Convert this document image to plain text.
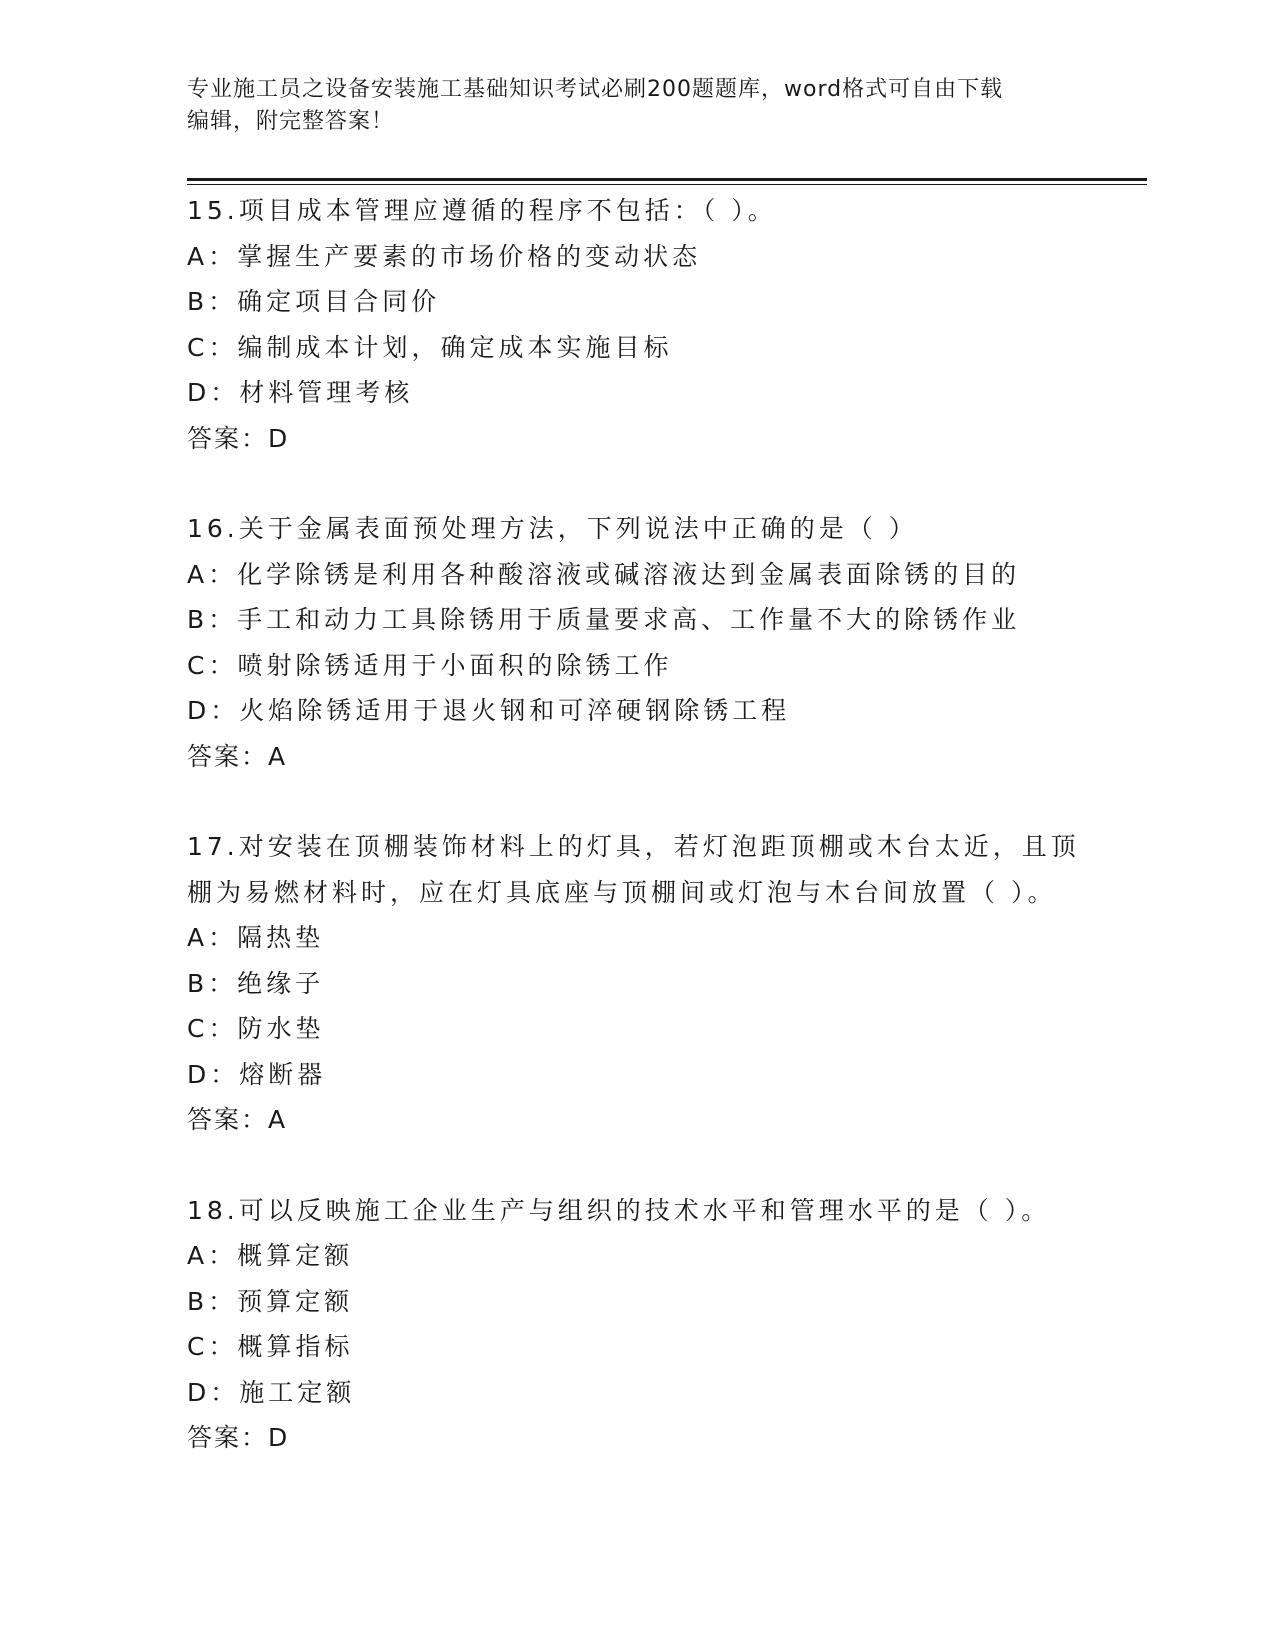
专业施工员之设备安装施工基础知识考试必刷200题题库，word格式可自由下载
编辑，附完整答案！

15.项目成本管理应遵循的程序不包括：（ ）。

A：掌握生产要素的市场价格的变动状态

B：确定项目合同价

C：编制成本计划，确定成本实施目标

D：材料管理考核

答案：D

16.关于金属表面预处理方法，下列说法中正确的是（ ）

A：化学除锈是利用各种酸溶液或碱溶液达到金属表面除锈的目的

B：手工和动力工具除锈用于质量要求高、工作量不大的除锈作业

C：喷射除锈适用于小面积的除锈工作

D：火焰除锈适用于退火钢和可淬硬钢除锈工程

答案：A

17.对安装在顶棚装饰材料上的灯具，若灯泡距顶棚或木台太近，且顶

棚为易燃材料时，应在灯具底座与顶棚间或灯泡与木台间放置（ ）。

A：隔热垫

B：绝缘子

C：防水垫

D：熔断器

答案：A

18.可以反映施工企业生产与组织的技术水平和管理水平的是（ ）。

A：概算定额

B：预算定额

C：概算指标

D：施工定额

答案：D
